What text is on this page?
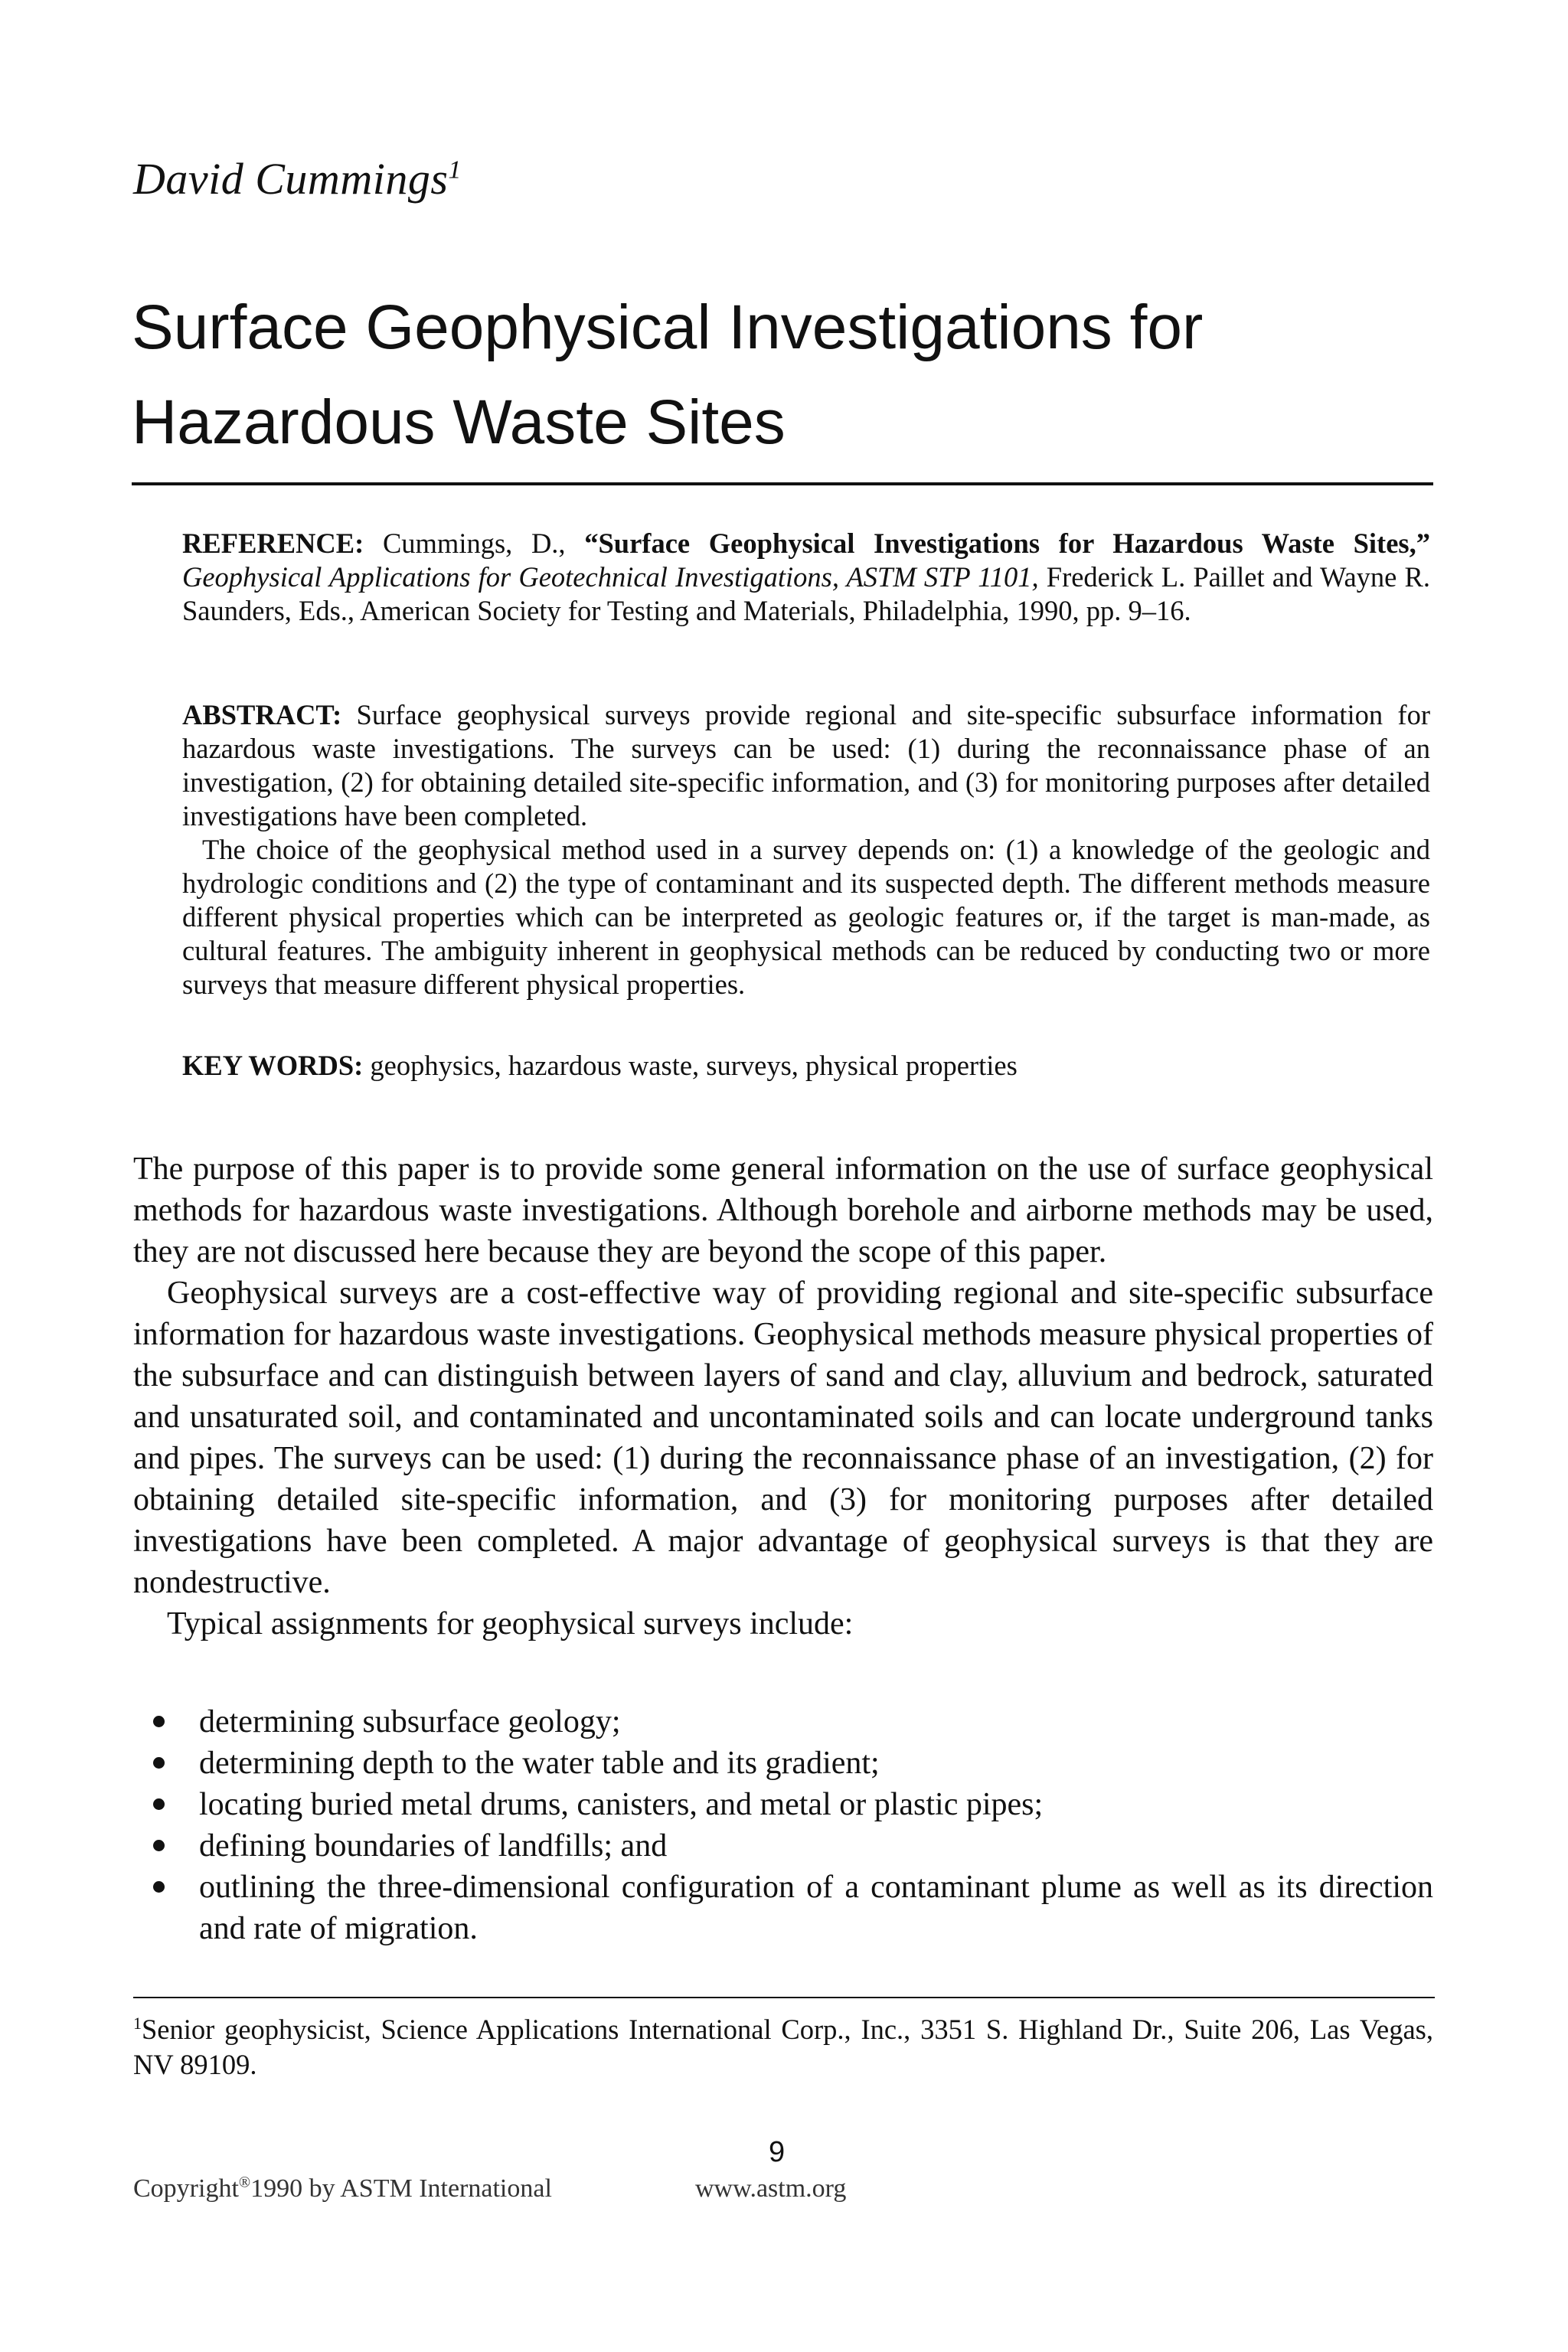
David Cummings$^1$
Surface Geophysical Investigations for
Hazardous Waste Sites
REFERENCE: Cummings, D., “Surface Geophysical Investigations for Hazardous Waste Sites,” Geophysical Applications for Geotechnical Investigations, ASTM STP 1101, Frederick L. Paillet and Wayne R. Saunders, Eds., American Society for Testing and Materials, Philadelphia, 1990, pp. 9–16.
ABSTRACT: Surface geophysical surveys provide regional and site-specific subsurface information for hazardous waste investigations. The surveys can be used: (1) during the reconnaissance phase of an investigation, (2) for obtaining detailed site-specific information, and (3) for monitoring purposes after detailed investigations have been completed.
The choice of the geophysical method used in a survey depends on: (1) a knowledge of the geologic and hydrologic conditions and (2) the type of contaminant and its suspected depth. The different methods measure different physical properties which can be interpreted as geologic features or, if the target is man-made, as cultural features. The ambiguity inherent in geophysical methods can be reduced by conducting two or more surveys that measure different physical properties.
KEY WORDS: geophysics, hazardous waste, surveys, physical properties

The purpose of this paper is to provide some general information on the use of surface geophysical methods for hazardous waste investigations. Although borehole and airborne methods may be used, they are not discussed here because they are beyond the scope of this paper.

Geophysical surveys are a cost-effective way of providing regional and site-specific subsurface information for hazardous waste investigations. Geophysical methods measure physical properties of the subsurface and can distinguish between layers of sand and clay, alluvium and bedrock, saturated and unsaturated soil, and contaminated and uncontaminated soils and can locate underground tanks and pipes. The surveys can be used: (1) during the reconnaissance phase of an investigation, (2) for obtaining detailed site-specific information, and (3) for monitoring purposes after detailed investigations have been completed. A major advantage of geophysical surveys is that they are nondestructive.

Typical assignments for geophysical surveys include:

determining subsurface geology;
determining depth to the water table and its gradient;
locating buried metal drums, canisters, and metal or plastic pipes;
defining boundaries of landfills; and
outlining the three-dimensional configuration of a contaminant plume as well as its direction and rate of migration.
$^1$Senior geophysicist, Science Applications International Corp., Inc., 3351 S. Highland Dr., Suite 206, Las Vegas, NV 89109.
9
Copyright®1990 by ASTM International	www.astm.org
